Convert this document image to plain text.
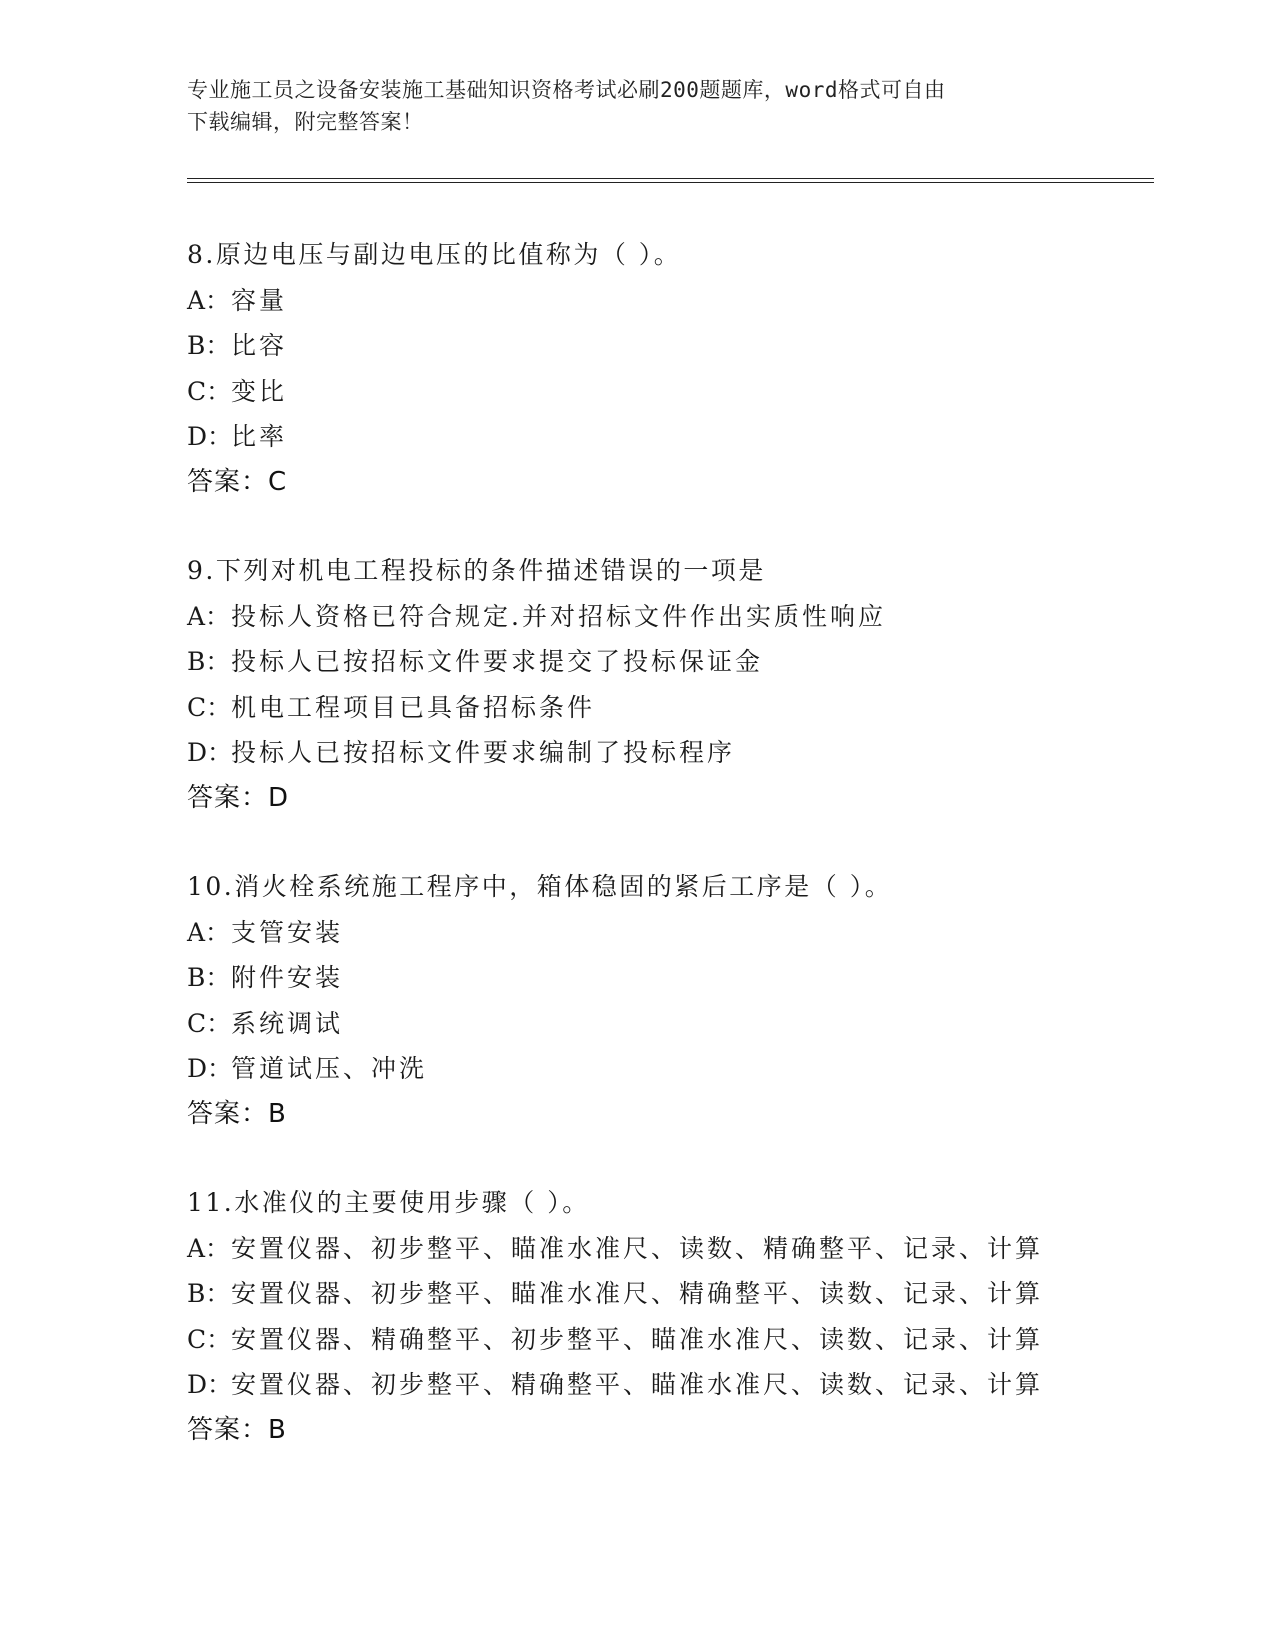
专业施工员之设备安装施工基础知识资格考试必刷200题题库，word格式可自由
下载编辑，附完整答案！
8.原边电压与副边电压的比值称为（ ）。
A：容量
B：比容
C：变比
D：比率
答案：C
9.下列对机电工程投标的条件描述错误的一项是
A：投标人资格已符合规定.并对招标文件作出实质性响应
B：投标人已按招标文件要求提交了投标保证金
C：机电工程项目已具备招标条件
D：投标人已按招标文件要求编制了投标程序
答案：D
10.消火栓系统施工程序中，箱体稳固的紧后工序是（ ）。
A：支管安装
B：附件安装
C：系统调试
D：管道试压、冲洗
答案：B
11.水准仪的主要使用步骤（ ）。
A：安置仪器、初步整平、瞄准水准尺、读数、精确整平、记录、计算
B：安置仪器、初步整平、瞄准水准尺、精确整平、读数、记录、计算
C：安置仪器、精确整平、初步整平、瞄准水准尺、读数、记录、计算
D：安置仪器、初步整平、精确整平、瞄准水准尺、读数、记录、计算
答案：B
